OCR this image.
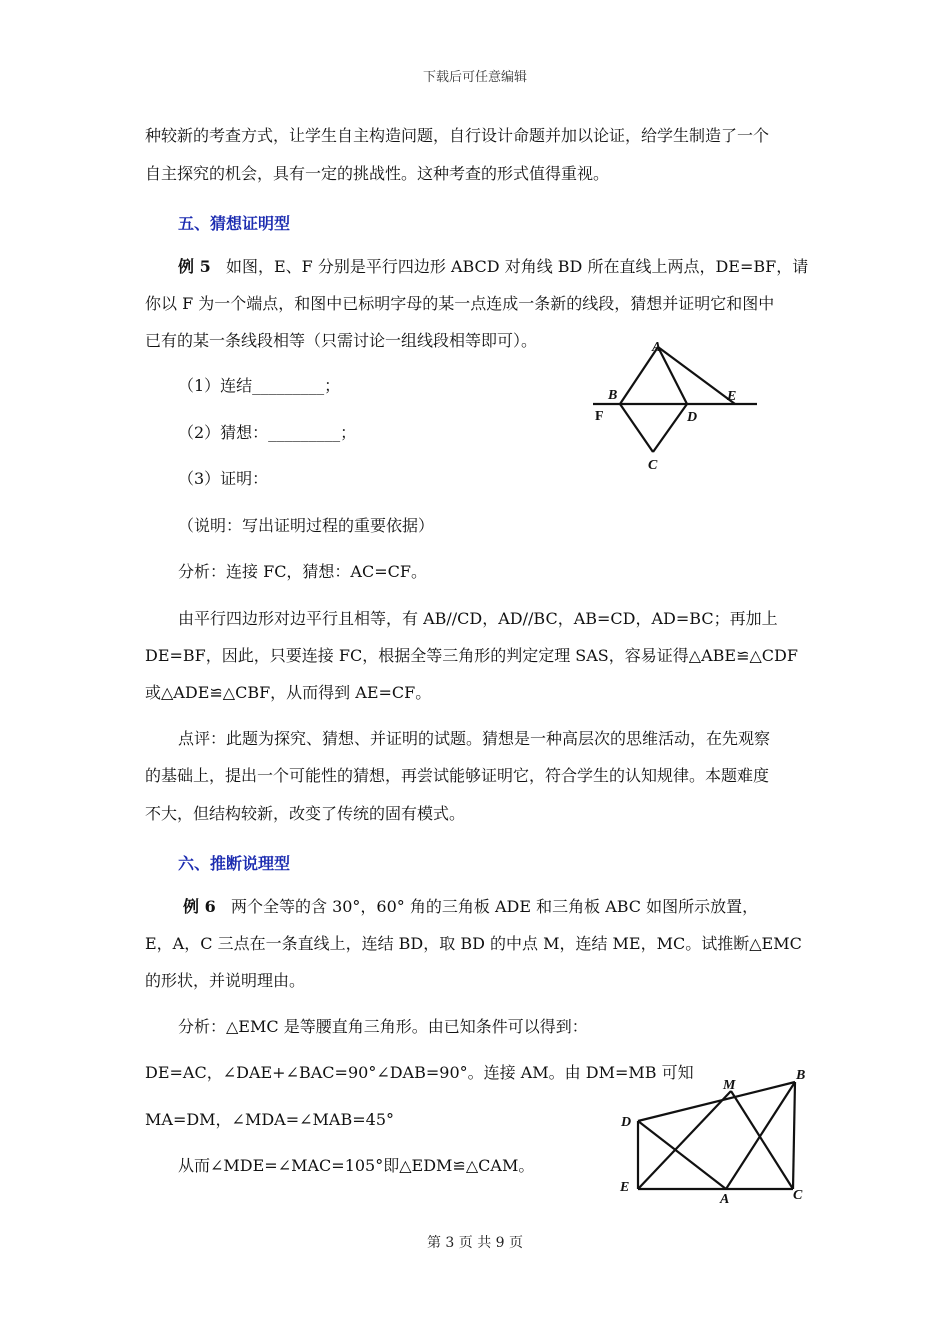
下载后可任意编辑
种较新的考查方式，让学生自主构造问题，自行设计命题并加以论证，给学生制造了一个
自主探究的机会，具有一定的挑战性。这种考查的形式值得重视。
五、猜想证明型
例 5 如图，E、F 分别是平行四边形 ABCD 对角线 BD 所在直线上两点，DE=BF，请
你以 F 为一个端点，和图中已标明字母的某一点连成一条新的线段，猜想并证明它和图中
已有的某一条线段相等（只需讨论一组线段相等即可）。
（1）连结_________；
（2）猜想：_________；
（3）证明：
（说明：写出证明过程的重要依据）
分析：连接 FC，猜想：AC=CF。
由平行四边形对边平行且相等，有 AB//CD，AD//BC，AB=CD，AD=BC；再加上
DE=BF，因此，只要连接 FC，根据全等三角形的判定定理 SAS，容易证得△ABE≌△CDF
或△ADE≌△CBF，从而得到 AE=CF。
点评：此题为探究、猜想、并证明的试题。猜想是一种高层次的思维活动，在先观察
的基础上，提出一个可能性的猜想，再尝试能够证明它，符合学生的认知规律。本题难度
不大，但结构较新，改变了传统的固有模式。
六、推断说理型
例 6 两个全等的含 30°，60° 角的三角板 ADE 和三角板 ABC 如图所示放置，
E，A，C 三点在一条直线上，连结 BD，取 BD 的中点 M，连结 ME，MC。试推断△EMC
的形状，并说明理由。
分析：△EMC 是等腰直角三角形。由已知条件可以得到：
DE=AC，∠DAE+∠BAC=90°∠DAB=90°。连接 AM。由 DM=MB 可知
MA=DM，∠MDA=∠MAB=45°
从而∠MDE=∠MAC=105°即△EDM≌△CAM。
A
B
F	D
E
C
M
B
D
E
A	C
第 3 页 共 9 页
